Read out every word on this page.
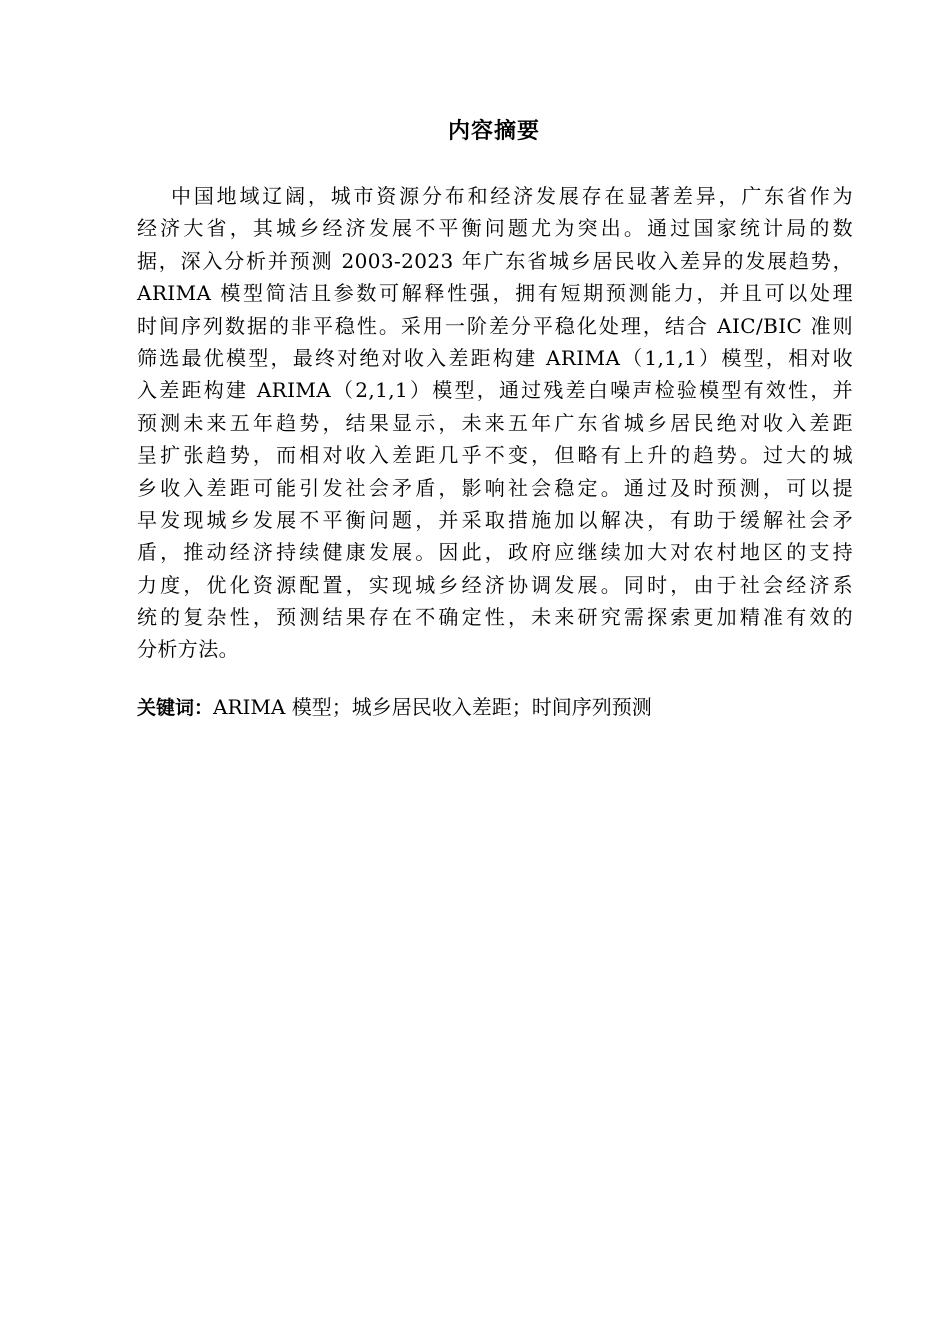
内容摘要
中国地域辽阔，城市资源分布和经济发展存在显著差异，广东省作为
经济大省，其城乡经济发展不平衡问题尤为突出。通过国家统计局的数
据，深入分析并预测 2003-2023 年广东省城乡居民收入差异的发展趋势，
ARIMA 模型简洁且参数可解释性强，拥有短期预测能力，并且可以处理
时间序列数据的非平稳性。采用一阶差分平稳化处理，结合 AIC/BIC 准则
筛选最优模型，最终对绝对收入差距构建 ARIMA（1,1,1）模型，相对收
入差距构建 ARIMA（2,1,1）模型，通过残差白噪声检验模型有效性，并
预测未来五年趋势，结果显示，未来五年广东省城乡居民绝对收入差距
呈扩张趋势，而相对收入差距几乎不变，但略有上升的趋势。过大的城
乡收入差距可能引发社会矛盾，影响社会稳定。通过及时预测，可以提
早发现城乡发展不平衡问题，并采取措施加以解决，有助于缓解社会矛
盾，推动经济持续健康发展。因此，政府应继续加大对农村地区的支持
力度，优化资源配置，实现城乡经济协调发展。同时，由于社会经济系
统的复杂性，预测结果存在不确定性，未来研究需探索更加精准有效的
分析方法。
关键词：ARIMA 模型；城乡居民收入差距；时间序列预测
